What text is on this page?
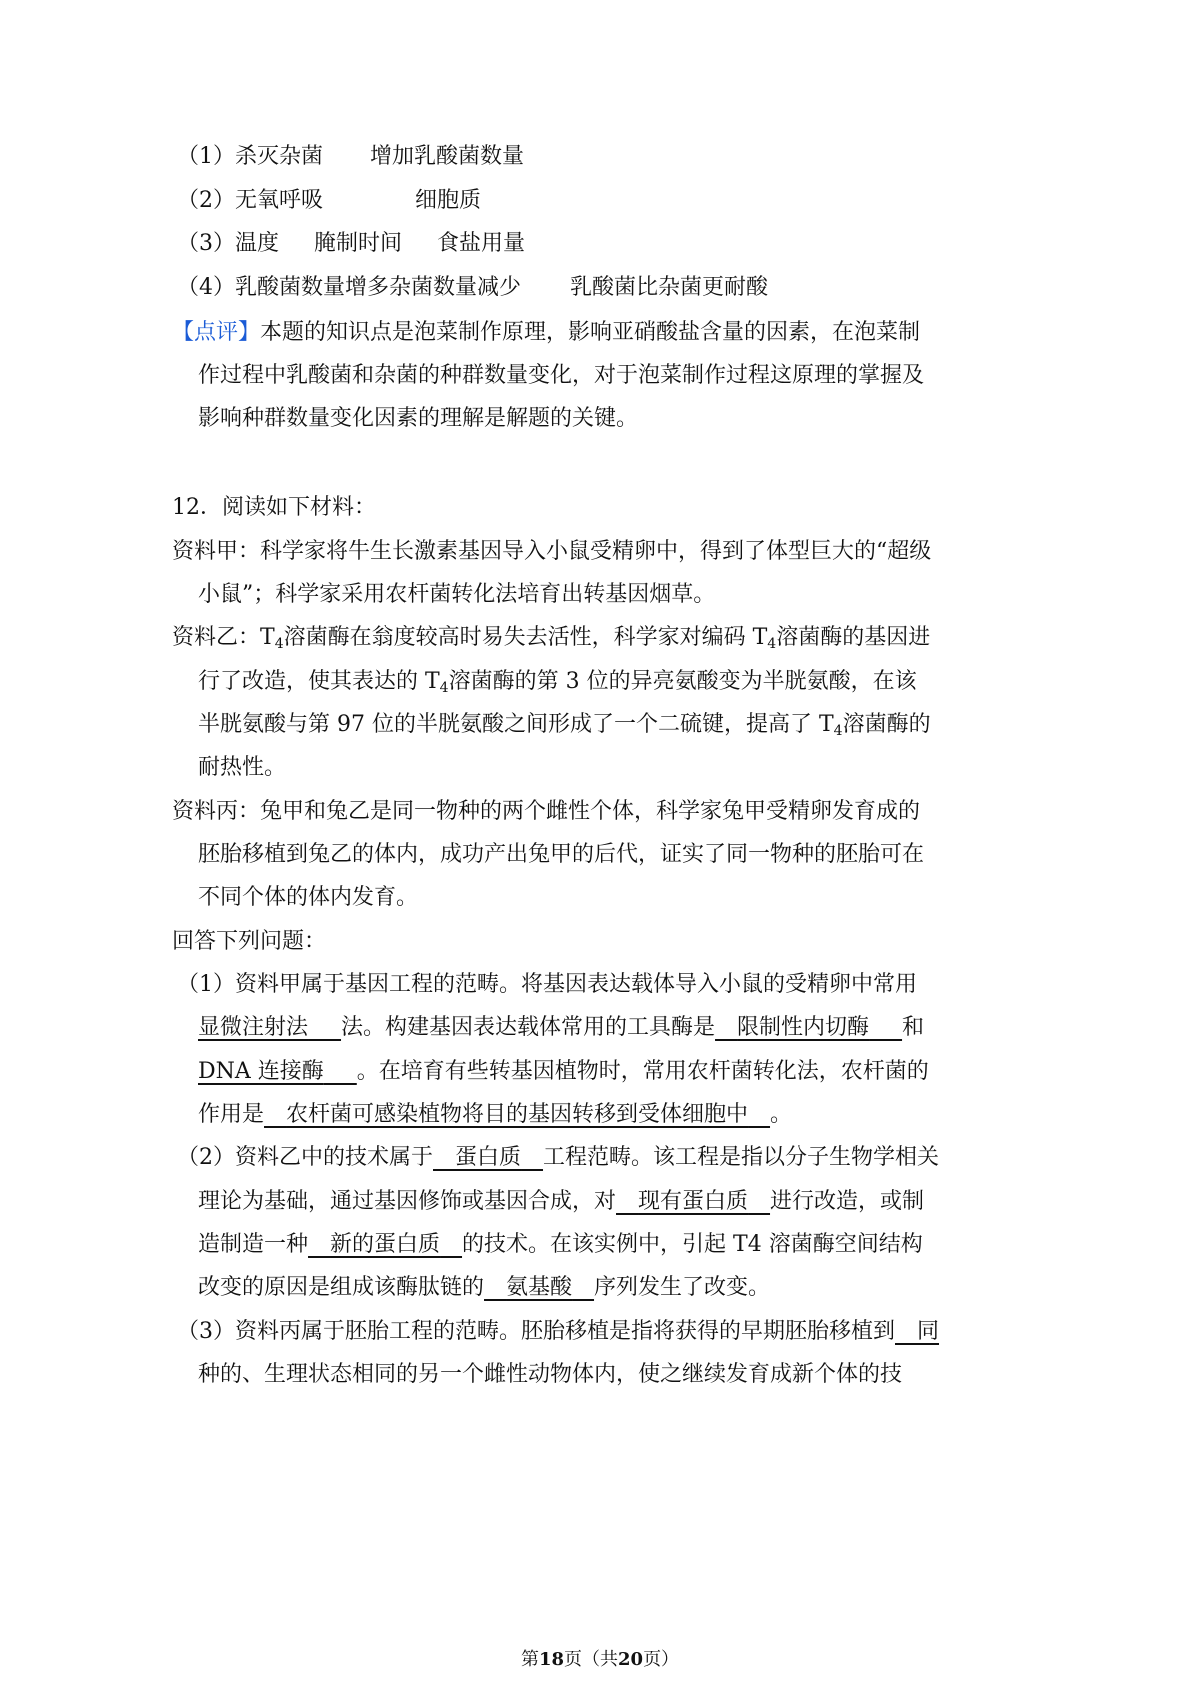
（1）杀灭杂菌 增加乳酸菌数量
（2）无氧呼吸	细胞质
（3）温度 腌制时间 食盐用量
（4）乳酸菌数量增多杂菌数量减少 乳酸菌比杂菌更耐酸
【点评】本题的知识点是泡菜制作原理，影响亚硝酸盐含量的因素，在泡菜制
作过程中乳酸菌和杂菌的种群数量变化，对于泡菜制作过程这原理的掌握及
影响种群数量变化因素的理解是解题的关键。
12．阅读如下材料：
资料甲：科学家将牛生长激素基因导入小鼠受精卵中，得到了体型巨大的“超级
小鼠”；科学家采用农杆菌转化法培育出转基因烟草。
资料乙：$T_4$溶菌酶在翁度较高时易失去活性，科学家对编码 $T_4$溶菌酶的基因进
行了改造，使其表达的 $T_4$溶菌酶的第 3 位的异亮氨酸变为半胱氨酸，在该
半胱氨酸与第 97 位的半胱氨酸之间形成了一个二硫键，提高了 $T_4$溶菌酶的
耐热性。
资料丙：兔甲和兔乙是同一物种的两个雌性个体，科学家兔甲受精卵发育成的
胚胎移植到兔乙的体内，成功产出兔甲的后代，证实了同一物种的胚胎可在
不同个体的体内发育。
回答下列问题：
（1）资料甲属于基因工程的范畴。将基因表达载体导入小鼠的受精卵中常用
显微注射法   法。构建基因表达载体常用的工具酶是  限制性内切酶   和
DNA 连接酶   。在培育有些转基因植物时，常用农杆菌转化法，农杆菌的
作用是  农杆菌可感染植物将目的基因转移到受体细胞中  。
（2）资料乙中的技术属于  蛋白质  工程范畴。该工程是指以分子生物学相关
理论为基础，通过基因修饰或基因合成，对  现有蛋白质  进行改造，或制
造制造一种  新的蛋白质  的技术。在该实例中，引起 T4 溶菌酶空间结构
改变的原因是组成该酶肽链的  氨基酸  序列发生了改变。
（3）资料丙属于胚胎工程的范畴。胚胎移植是指将获得的早期胚胎移植到  同
种的、生理状态相同的另一个雌性动物体内，使之继续发育成新个体的技
第18页（共20页）
